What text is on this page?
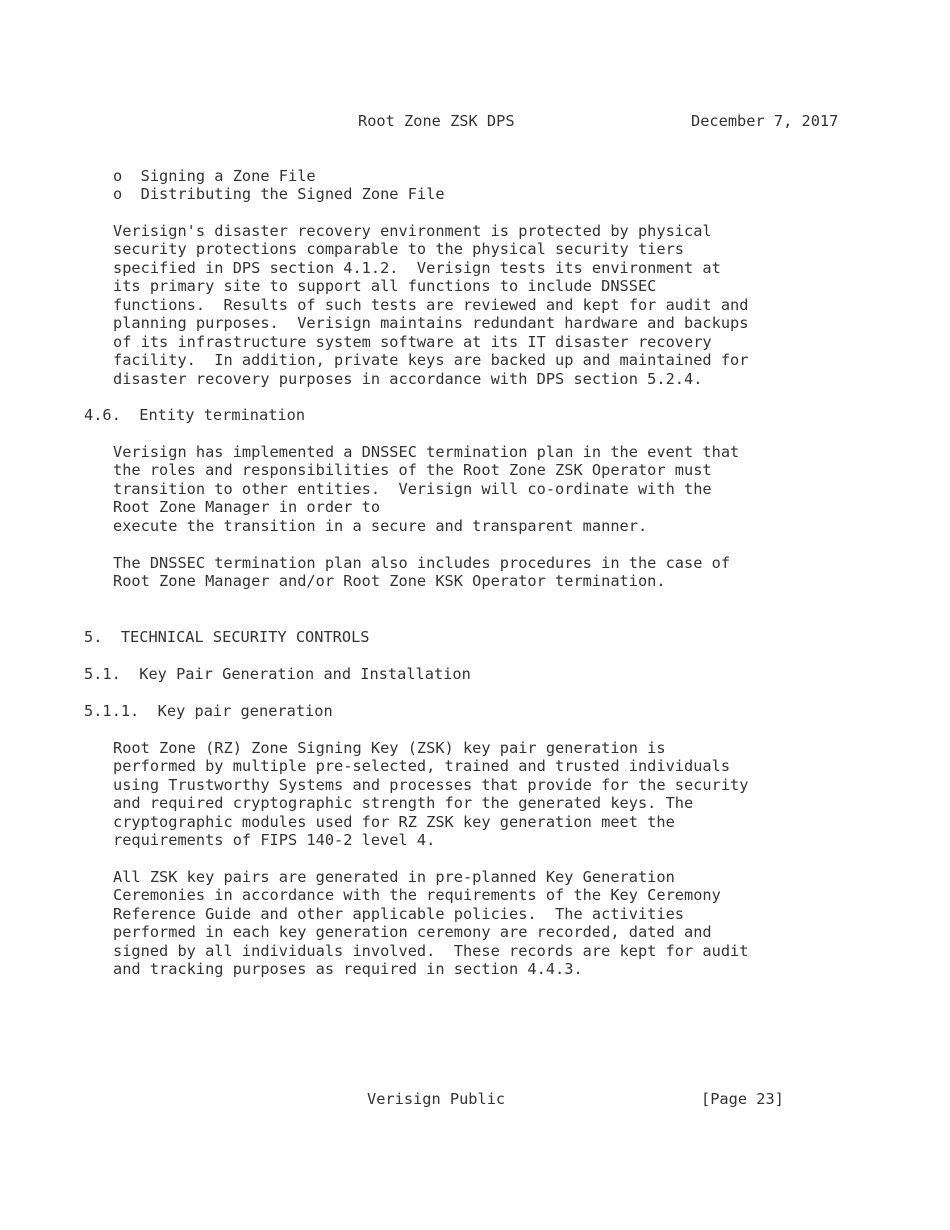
Root Zone ZSK DPS	December 7, 2017
o  Signing a Zone File
o  Distributing the Signed Zone File
Verisign's disaster recovery environment is protected by physical
security protections comparable to the physical security tiers
specified in DPS section 4.1.2.  Verisign tests its environment at
its primary site to support all functions to include DNSSEC
functions.  Results of such tests are reviewed and kept for audit and
planning purposes.  Verisign maintains redundant hardware and backups
of its infrastructure system software at its IT disaster recovery
facility.  In addition, private keys are backed up and maintained for
disaster recovery purposes in accordance with DPS section 5.2.4.
4.6.  Entity termination
Verisign has implemented a DNSSEC termination plan in the event that
the roles and responsibilities of the Root Zone ZSK Operator must
transition to other entities.  Verisign will co-ordinate with the
Root Zone Manager in order to
execute the transition in a secure and transparent manner.
The DNSSEC termination plan also includes procedures in the case of
Root Zone Manager and/or Root Zone KSK Operator termination.
5.  TECHNICAL SECURITY CONTROLS
5.1.  Key Pair Generation and Installation
5.1.1.  Key pair generation
Root Zone (RZ) Zone Signing Key (ZSK) key pair generation is
performed by multiple pre-selected, trained and trusted individuals
using Trustworthy Systems and processes that provide for the security
and required cryptographic strength for the generated keys. The
cryptographic modules used for RZ ZSK key generation meet the
requirements of FIPS 140-2 level 4.
All ZSK key pairs are generated in pre-planned Key Generation
Ceremonies in accordance with the requirements of the Key Ceremony
Reference Guide and other applicable policies.  The activities
performed in each key generation ceremony are recorded, dated and
signed by all individuals involved.  These records are kept for audit
and tracking purposes as required in section 4.4.3.
Verisign Public	[Page 23]
